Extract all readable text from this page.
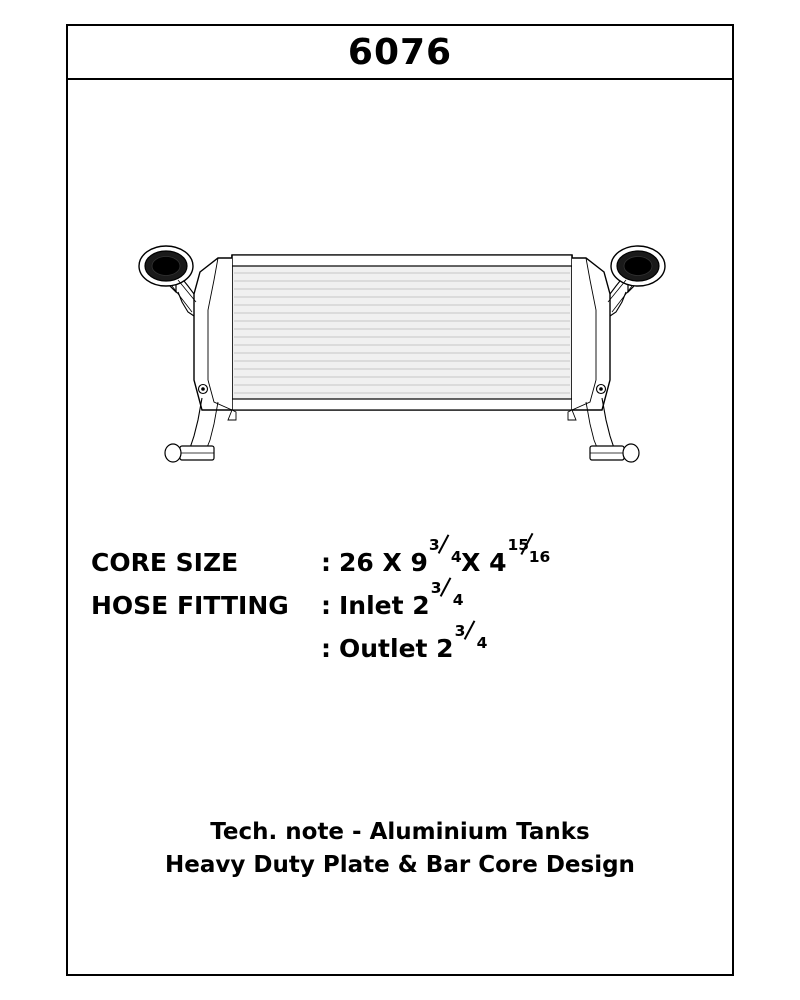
6076
CORE SIZE	: 26 X 9
3
4 X 4
15
16
HOSE FITTING	: Inlet 2
3
4
: Outlet 2
3
4
Tech. note - Aluminium Tanks
Heavy Duty Plate & Bar Core Design
